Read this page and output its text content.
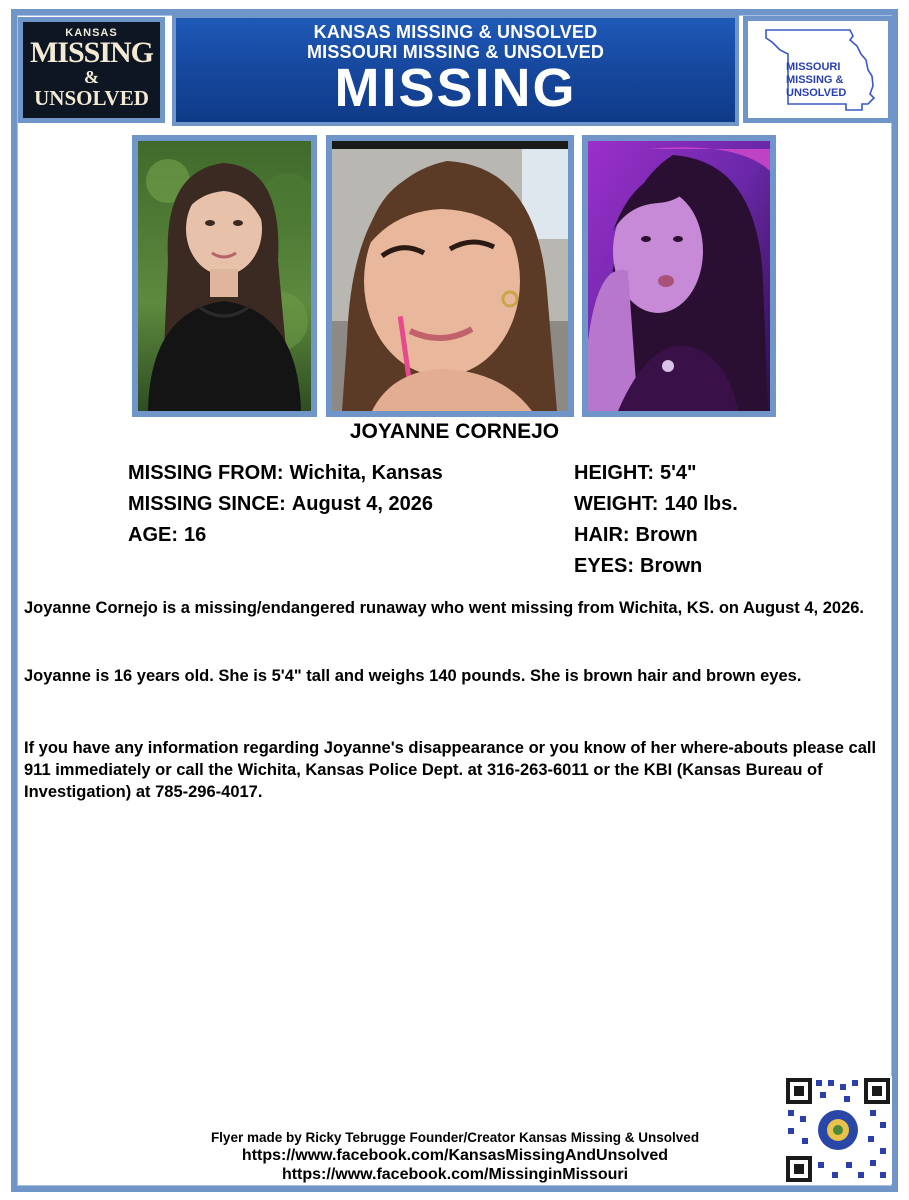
KANSAS
MISSING
&
UNSOLVED
KANSAS MISSING & UNSOLVED
MISSOURI MISSING & UNSOLVED
MISSING	MISSOURI
MISSING &
UNSOLVED
JOYANNE CORNEJO
MISSING FROM: Wichita, Kansas
MISSING SINCE: August 4, 2026
AGE: 16
HEIGHT: 5'4"
WEIGHT: 140 lbs.
HAIR: Brown
EYES: Brown
Joyanne Cornejo is a missing/endangered runaway who went missing from Wichita, KS. on August 4, 2026.
Joyanne is 16 years old. She is 5'4" tall and weighs 140 pounds. She is brown hair and brown eyes.
If you have any information regarding Joyanne's disappearance or you know of her where-abouts please call 911 immediately or call the Wichita, Kansas Police Dept. at 316-263-6011 or the KBI (Kansas Bureau of Investigation) at 785-296-4017.
Flyer made by Ricky Tebrugge Founder/Creator Kansas Missing & Unsolved
https://www.facebook.com/KansasMissingAndUnsolved
https://www.facebook.com/MissinginMissouri
